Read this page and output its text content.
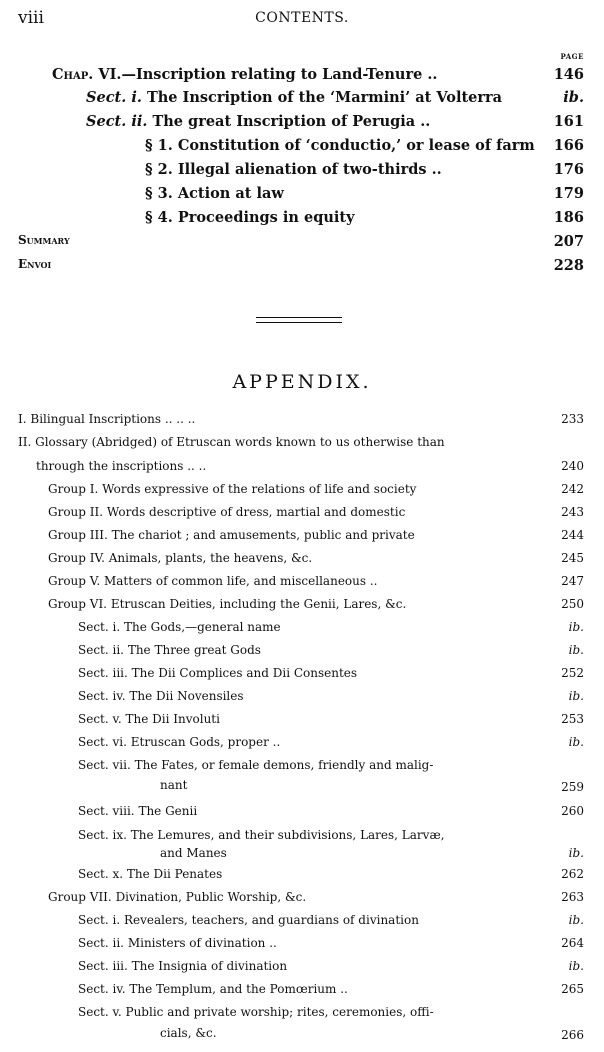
viii	CONTENTS.
PAGE
Chap. VI.—Inscription relating to Land-Tenure ..	146
Sect. i. The Inscription of the ‘Marmini’ at Volterra	ib.
Sect. ii. The great Inscription of Perugia ..	161
§ 1. Constitution of ‘conductio,’ or lease of farm 166
§ 2. Illegal alienation of two-thirds ..	176
§ 3. Action at law	179
§ 4. Proceedings in equity	186
Summary	207
Envoi	228
APPENDIX.
I. Bilingual Inscriptions .. .. ..	233
II. Glossary (Abridged) of Etruscan words known to us otherwise than
through the inscriptions .. ..	240
Group I. Words expressive of the relations of life and society	242
Group II. Words descriptive of dress, martial and domestic	243
Group III. The chariot ; and amusements, public and private	244
Group IV. Animals, plants, the heavens, &c.	245
Group V. Matters of common life, and miscellaneous ..	247
Group VI. Etruscan Deities, including the Genii, Lares, &c.	250
Sect. i. The Gods,—general name	ib.
Sect. ii. The Three great Gods	ib.
Sect. iii. The Dii Complices and Dii Consentes	252
Sect. iv. The Dii Novensiles	ib.
Sect. v. The Dii Involuti	253
Sect. vi. Etruscan Gods, proper ..	ib.
Sect. vii. The Fates, or female demons, friendly and malig-
nant	259
Sect. viii. The Genii	260
Sect. ix. The Lemures, and their subdivisions, Lares, Larvæ,
and Manes	ib.
Sect. x. The Dii Penates	262
Group VII. Divination, Public Worship, &c.	263
Sect. i. Revealers, teachers, and guardians of divination	ib.
Sect. ii. Ministers of divination ..	264
Sect. iii. The Insignia of divination	ib.
Sect. iv. The Templum, and the Pomœrium ..	265
Sect. v. Public and private worship; rites, ceremonies, offi-
cials, &c.	266
